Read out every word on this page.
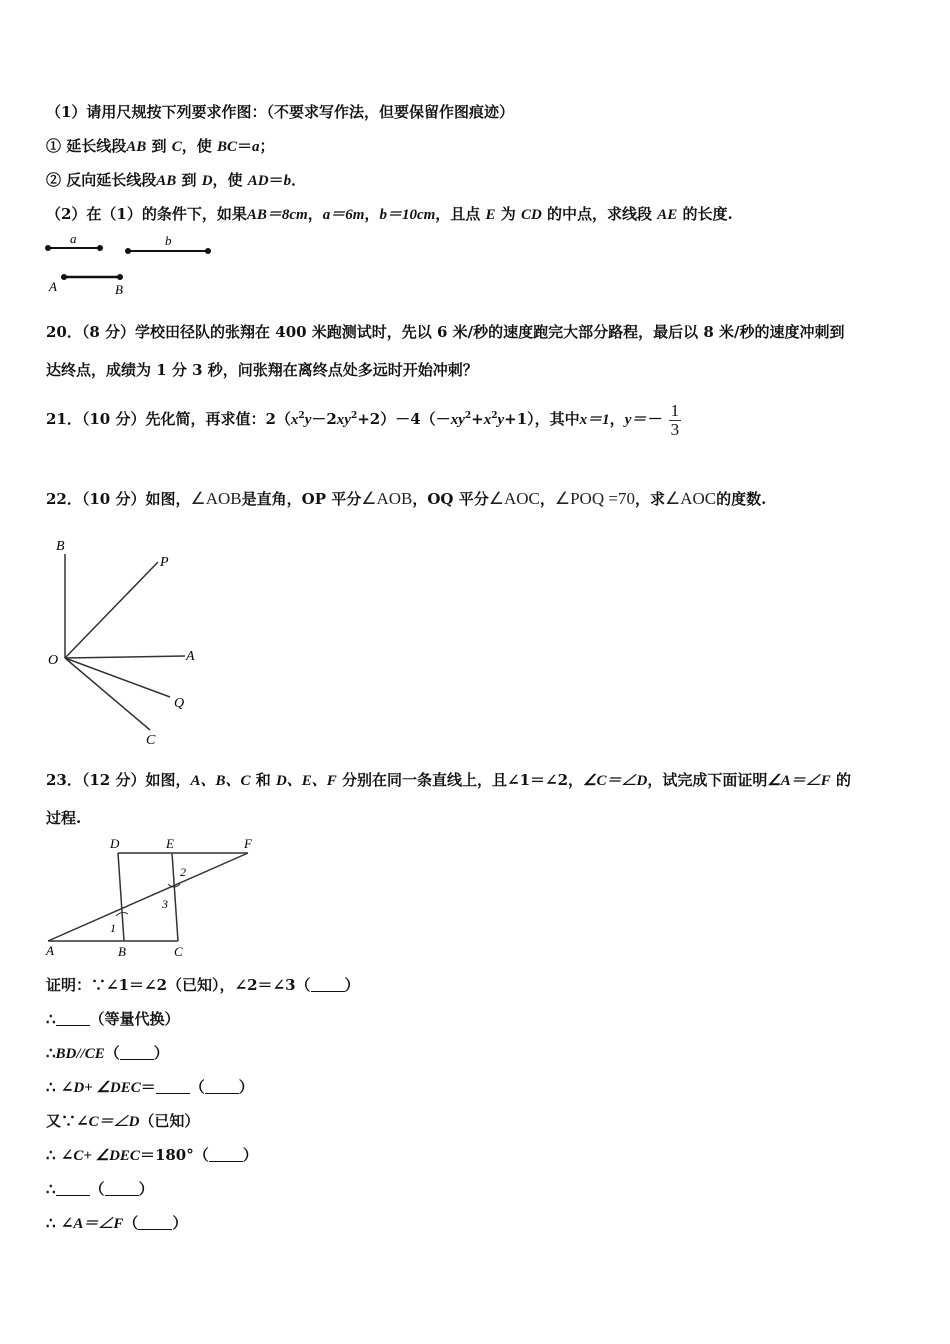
（1）请用尺规按下列要求作图：（不要求写作法，但要保留作图痕迹）
① 延长线段AB 到 C，使 BC＝a；
② 反向延长线段AB 到 D，使 AD＝b．
（2）在（1）的条件下，如果AB＝8cm，a＝6m，b＝10cm，且点 E 为 CD 的中点，求线段 AE 的长度.
a	b
A	B
20．（8 分）学校田径队的张翔在 400 米跑测试时，先以 6 米/秒的速度跑完大部分路程，最后以 8 米/秒的速度冲刺到
达终点，成绩为 1 分 3 秒，问张翔在离终点处多远时开始冲刺？
21．（10 分）先化简，再求值：$2(x^2y-2xy^2+2)-4(-xy^2+x^2y+1)$，其中x＝1，$y=- \frac{1}{3}$
22．（10 分）如图，∠AOB是直角，OP 平分∠AOB，OQ 平分∠AOC，∠POQ =70，求∠AOC的度数.
B
P
O	A
Q
C
23．（12 分）如图，A、B、C 和 D、E、F 分别在同一条直线上，且∠1＝∠2，∠C＝∠D，试完成下面证明∠A＝∠F 的
过程.
D	E	F
A	B	C
1
2
3
证明：∵∠1＝∠2（已知），∠2＝∠3（ ）
∴ （等量代换）
∴BD//CE（ ）
∴ ∠D+ ∠DEC＝ （ ）
又∵∠C＝∠D（已知）
∴ ∠C+ ∠DEC＝180°（ ）
∴ （ ）
∴ ∠A＝∠F（ ）
